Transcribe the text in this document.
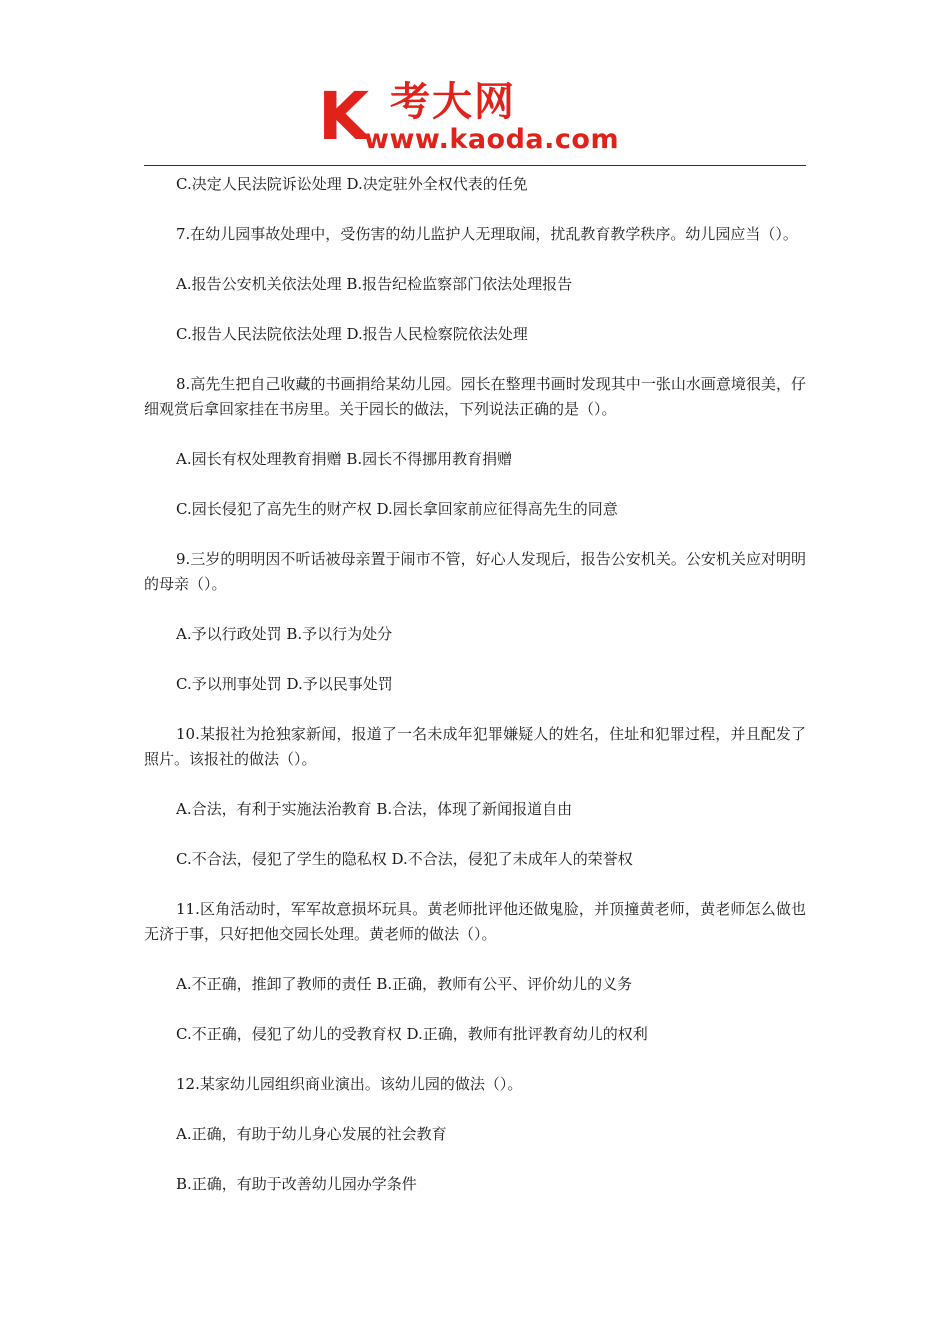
K 考大网
www.kaoda.com

C.决定人民法院诉讼处理 D.决定驻外全权代表的任免

7.在幼儿园事故处理中，受伤害的幼儿监护人无理取闹，扰乱教育教学秩序。幼儿园应当（）。

A.报告公安机关依法处理 B.报告纪检监察部门依法处理报告

C.报告人民法院依法处理 D.报告人民检察院依法处理

8.高先生把自己收藏的书画捐给某幼儿园。园长在整理书画时发现其中一张山水画意境很美，仔细观赏后拿回家挂在书房里。关于园长的做法，下列说法正确的是（）。

A.园长有权处理教育捐赠 B.园长不得挪用教育捐赠

C.园长侵犯了高先生的财产权 D.园长拿回家前应征得高先生的同意

9.三岁的明明因不听话被母亲置于闹市不管，好心人发现后，报告公安机关。公安机关应对明明的母亲（）。

A.予以行政处罚 B.予以行为处分

C.予以刑事处罚 D.予以民事处罚

10.某报社为抢独家新闻，报道了一名未成年犯罪嫌疑人的姓名，住址和犯罪过程，并且配发了照片。该报社的做法（）。

A.合法，有利于实施法治教育 B.合法，体现了新闻报道自由

C.不合法，侵犯了学生的隐私权 D.不合法，侵犯了未成年人的荣誉权

11.区角活动时，军军故意损坏玩具。黄老师批评他还做鬼脸，并顶撞黄老师，黄老师怎么做也无济于事，只好把他交园长处理。黄老师的做法（）。

A.不正确，推卸了教师的责任 B.正确，教师有公平、评价幼儿的义务

C.不正确，侵犯了幼儿的受教育权 D.正确，教师有批评教育幼儿的权利

12.某家幼儿园组织商业演出。该幼儿园的做法（）。

A.正确，有助于幼儿身心发展的社会教育

B.正确，有助于改善幼儿园办学条件
